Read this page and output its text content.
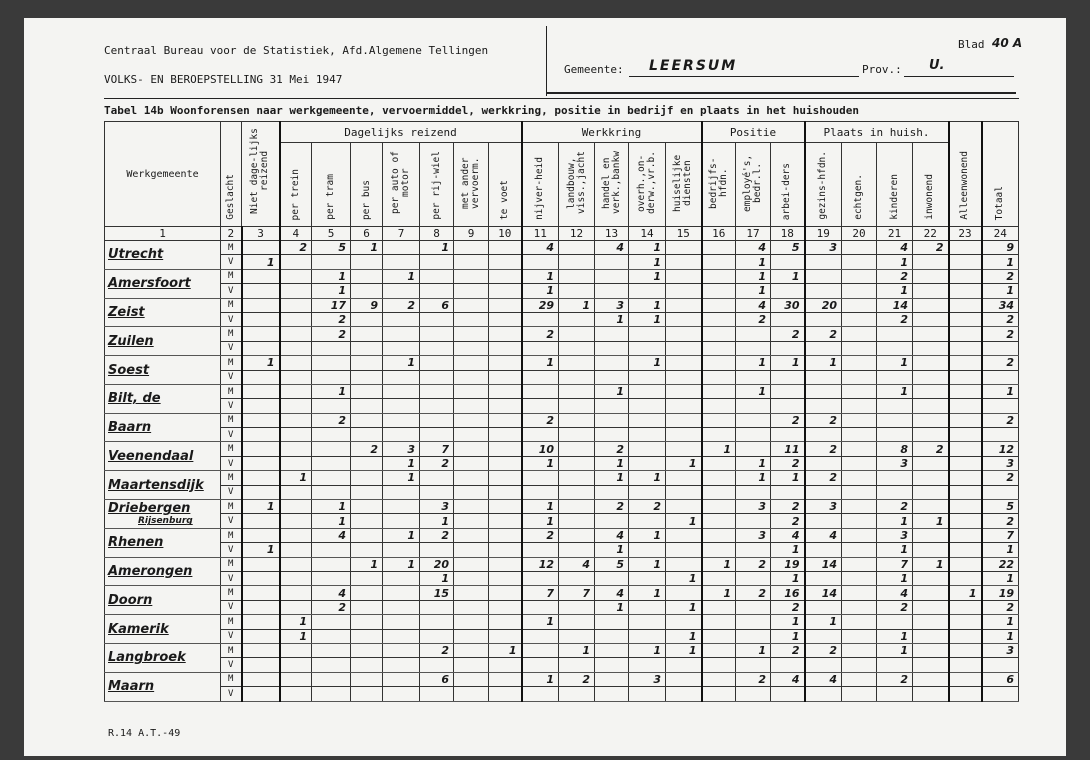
Centraal Bureau voor de Statistiek, Afd.Algemene Tellingen
VOLKS- EN BEROEPSTELLING 31 Mei 1947
Blad 40 A
Gemeente: LEERSUM	Prov.: U.
Tabel 14b Woonforensen naar werkgemeente, vervoermiddel, werkkring, positie in bedrijf en plaats in het huishouden
Werkgemeente	Geslacht	Niet dage-lijks reizend	Dagelijks reizend							Werkkring					Positie			Plaats in huish.				Alleenwonend	Totaal
			per trein	per tram	per bus	per auto of motor	per rij-wiel	met ander vervoerm.	te voet	nijver-heid	landbouw, viss.,jacht	handel en verk.,bankw	overh.,on-derw.,vr.b.	huiselijke diensten	bedrijfs-hfdn.	employé's, bedr.l.	arbei-ders	gezins-hfdn.	echtgen.	kinderen	inwonend		
1	2	3	4	5	6	7	8	9	10	11	12	13	14	15	16	17	18	19	20	21	22	23	24
Utrecht	M		2	5	1		1			4		4	1			4	5	3		4	2		9
	V	1											1			1				1			1
Amersfoort	M			1		1				1			1			1	1			2			2
	V			1						1						1				1			1
Zeist	M			17	9	2	6			29	1	3	1			4	30	20		14			34
	V			2								1	1			2				2			2
Zuilen	M			2						2							2	2					2
	V																						
Soest	M	1				1				1			1			1	1	1		1			2
	V																						
Bilt, de	M			1								1				1				1			1
	V																						
Baarn	M			2						2							2	2					2
	V																						
Veenendaal	M				2	3	7			10		2			1		11	2		8	2		12
	V					1	2			1		1		1		1	2			3			3
Maartensdijk	M		1			1						1	1			1	1	2					2
	V																						
Driebergen
Rijsenburg	M	1		1			3			1		2	2			3	2	3		2			5
	V			1			1			1				1			2			1	1		2
Rhenen	M			4		1	2			2		4	1			3	4	4		3			7
	V	1										1					1			1			1
Amerongen	M				1	1	20			12	4	5	1		1	2	19	14		7	1		22
	V						1							1			1			1			1
Doorn	M			4			15			7	7	4	1		1	2	16	14		4		1	19
	V			2								1		1			2			2			2
Kamerik	M		1							1							1	1					1
	V		1											1			1			1			1
Langbroek	M						2		1		1		1	1		1	2	2		1			3
	V																						
Maarn	M						6			1	2		3			2	4	4		2			6
	V																						
R.14 A.T.-49
